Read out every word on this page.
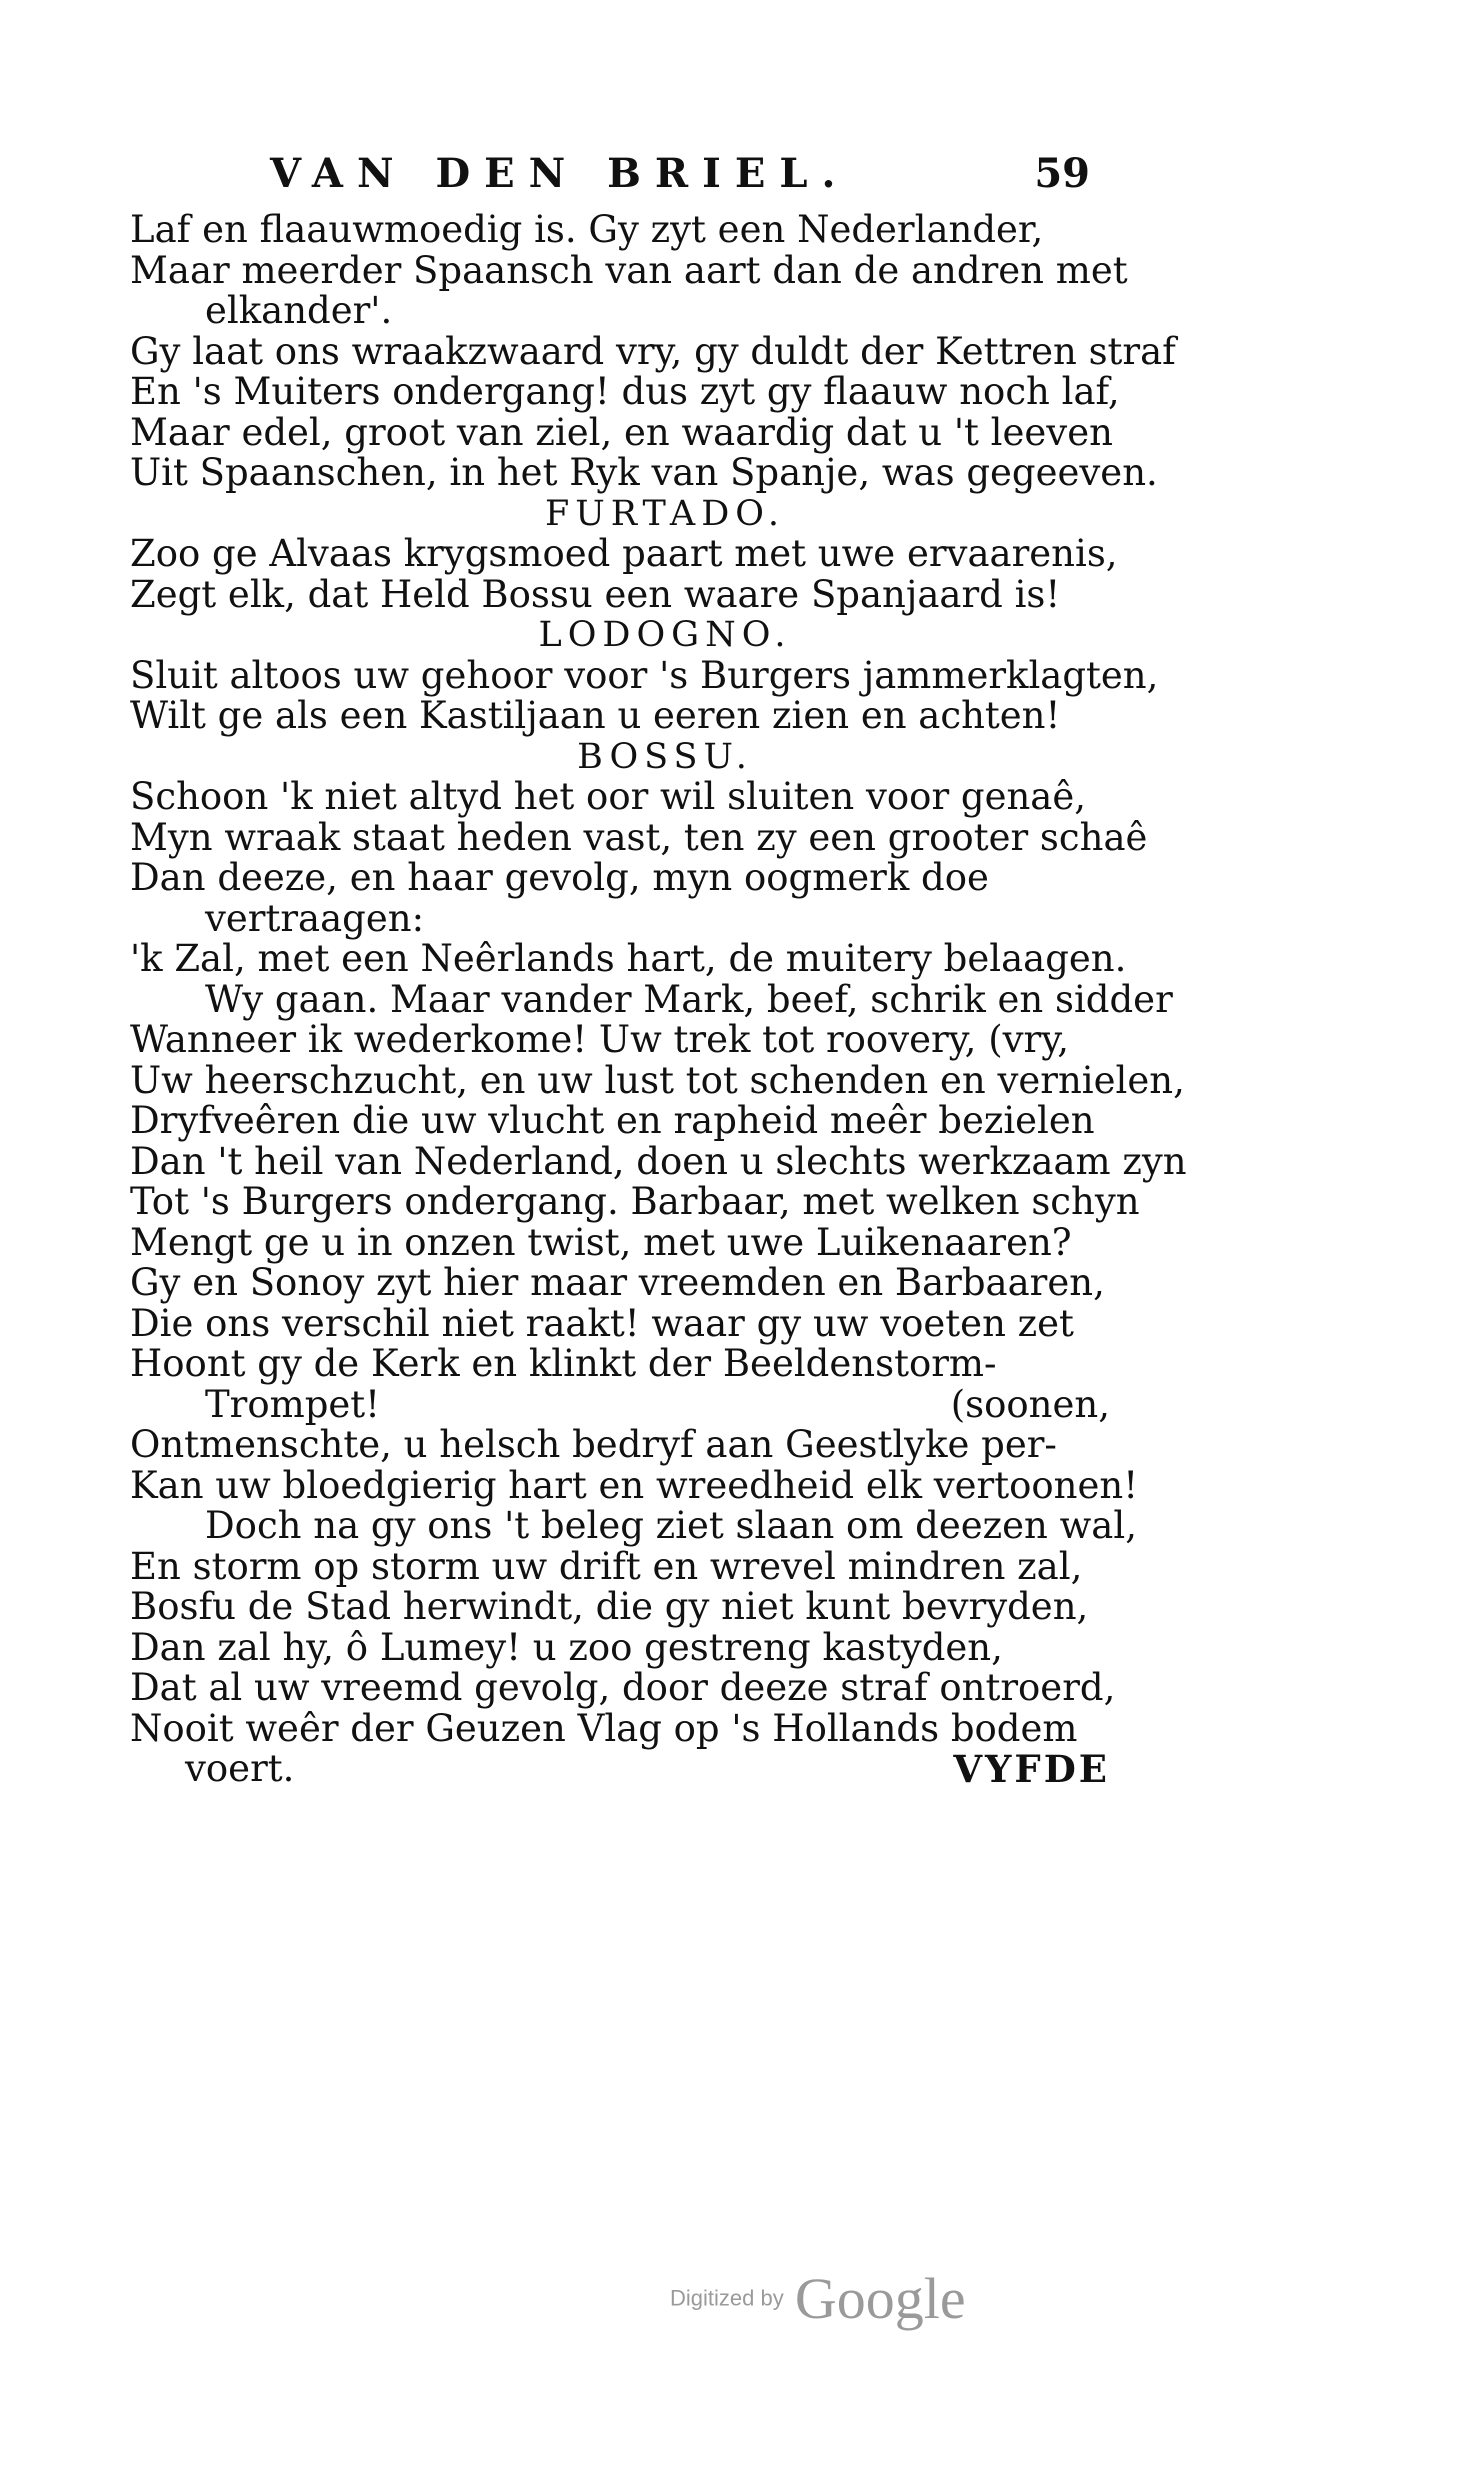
VAN DEN BRIEL.	59
Laf en flaauwmoedig is. Gy zyt een Nederlander,
Maar meerder Spaansch van aart dan de andren met
elkander'.
Gy laat ons wraakzwaard vry, gy duldt der Kettren straf
En 's Muiters ondergang! dus zyt gy flaauw noch laf,
Maar edel, groot van ziel, en waardig dat u 't leeven
Uit Spaanschen, in het Ryk van Spanje, was gegeeven.
FURTADO.
Zoo ge Alvaas krygsmoed paart met uwe ervaarenis,
Zegt elk, dat Held Bossu een waare Spanjaard is!
LODOGNO.
Sluit altoos uw gehoor voor 's Burgers jammerklagten,
Wilt ge als een Kastiljaan u eeren zien en achten!
BOSSU.
Schoon 'k niet altyd het oor wil sluiten voor genaê,
Myn wraak staat heden vast, ten zy een grooter schaê
Dan deeze, en haar gevolg, myn oogmerk doe
vertraagen:
'k Zal, met een Neêrlands hart, de muitery belaagen.
Wy gaan. Maar vander Mark, beef, schrik en sidder
Wanneer ik wederkome! Uw trek tot roovery, (vry,
Uw heerschzucht, en uw lust tot schenden en vernielen,
Dryfveêren die uw vlucht en rapheid meêr bezielen
Dan 't heil van Nederland, doen u slechts werkzaam zyn
Tot 's Burgers ondergang. Barbaar, met welken schyn
Mengt ge u in onzen twist, met uwe Luikenaaren?
Gy en Sonoy zyt hier maar vreemden en Barbaaren,
Die ons verschil niet raakt! waar gy uw voeten zet
Hoont gy de Kerk en klinkt der Beeldenstorm-
Trompet!	(soonen,
Ontmenschte, u helsch bedryf aan Geestlyke per-
Kan uw bloedgierig hart en wreedheid elk vertoonen!
Doch na gy ons 't beleg ziet slaan om deezen wal,
En storm op storm uw drift en wrevel mindren zal,
Bosfu de Stad herwindt, die gy niet kunt bevryden,
Dan zal hy, ô Lumey! u zoo gestreng kastyden,
Dat al uw vreemd gevolg, door deeze straf ontroerd,
Nooit weêr der Geuzen Vlag op 's Hollands bodem
voert.	VYFDE
Digitized by Google
